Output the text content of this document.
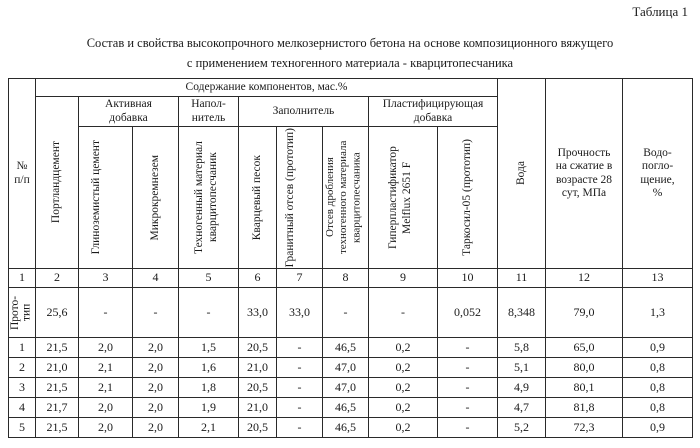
Таблица 1
Состав и свойства высокопрочного мелкозернистого бетона на основе композиционного вяжущего
с применением техногенного материала - кварцитопесчаника
№ п/п	Содержание компонентов, мас.%									Вода	Прочность на сжатие в возрасте 28 сут, МПа	Водо-погло-щение, %

	Портландцемент	Активная добавка		Напол-нитель	Заполнитель			Пластифицирующая добавка				

		Глиноземистый цемент	Микрокремнезем	Техногенный материал кварцитопесчаник	Кварцевый песок	Гранитный отсев (прототип)	Отсев дробления техногенного материала кварцитопесчаника	Гиперпластификатор Melflux 2651 F	Таркосил-05 (прототип)			

1	2	3	4	5	6	7	8	9	10	11	12	13

Прото-тип	25,6	-	-	-	33,0	33,0	-	-	0,052	8,348	79,0	1,3
1	21,5	2,0	2,0	1,5	20,5	-	46,5	0,2	-	5,8	65,0	0,9
2	21,0	2,1	2,0	1,6	21,0	-	47,0	0,2	-	5,1	80,0	0,8
3	21,5	2,1	2,0	1,8	20,5	-	47,0	0,2	-	4,9	80,1	0,8
4	21,7	2,0	2,0	1,9	21,0	-	46,5	0,2	-	4,7	81,8	0,8
5	21,5	2,0	2,0	2,1	20,5	-	46,5	0,2	-	5,2	72,3	0,9
